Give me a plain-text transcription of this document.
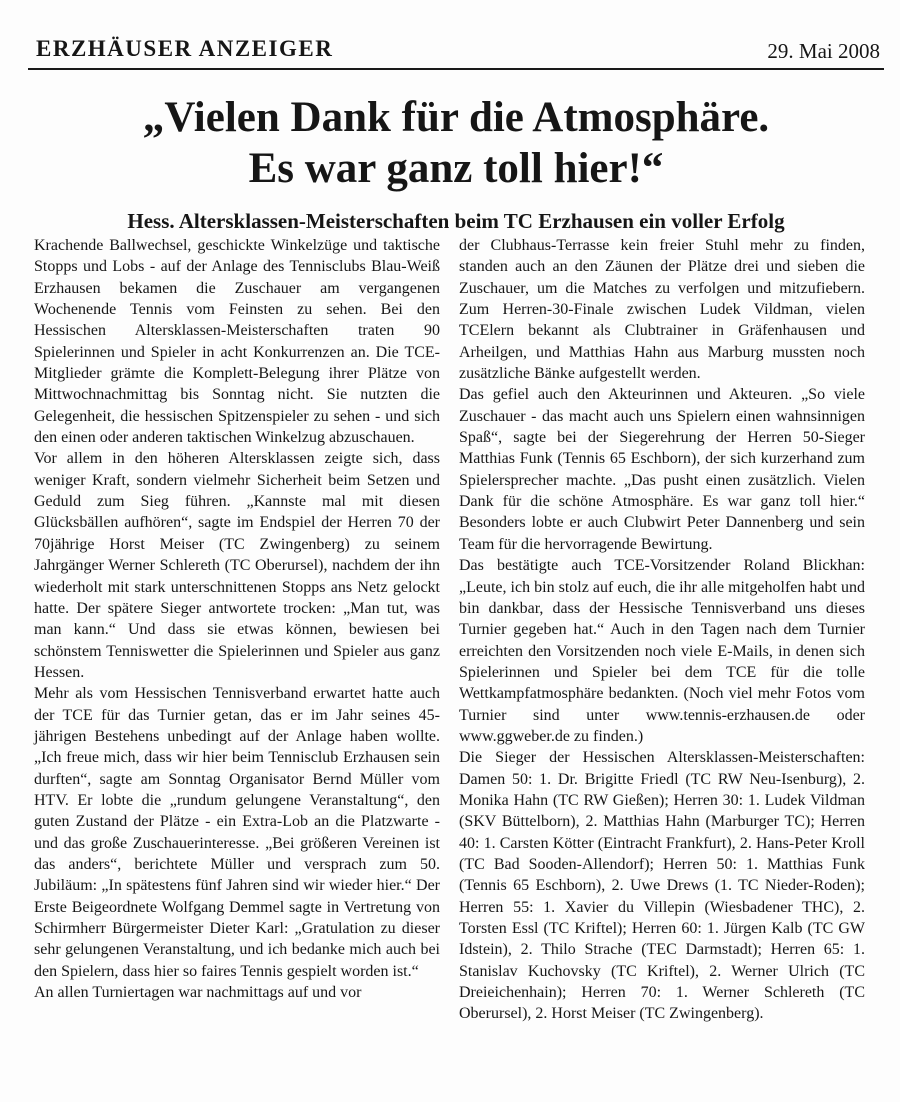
ERZHÄUSER ANZEIGER	29. Mai 2008
„Vielen Dank für die Atmosphäre.
Es war ganz toll hier!“
Hess. Altersklassen-Meisterschaften beim TC Erzhausen ein voller Erfolg

Krachende Ballwechsel, geschickte Winkelzüge und taktische Stopps und Lobs - auf der Anlage des Tennisclubs Blau-Weiß Erzhausen bekamen die Zuschauer am vergangenen Wochenende Tennis vom Feinsten zu sehen. Bei den Hessischen Altersklassen-Meisterschaften traten 90 Spielerinnen und Spieler in acht Konkurrenzen an. Die TCE-Mitglieder grämte die Komplett-Belegung ihrer Plätze von Mittwochnachmittag bis Sonntag nicht. Sie nutzten die Gelegenheit, die hessischen Spitzenspieler zu sehen - und sich den einen oder anderen taktischen Winkelzug abzuschauen.

Vor allem in den höheren Altersklassen zeigte sich, dass weniger Kraft, sondern vielmehr Sicherheit beim Setzen und Geduld zum Sieg führen. „Kannste mal mit diesen Glücksbällen aufhören“, sagte im Endspiel der Herren 70 der 70jährige Horst Meiser (TC Zwingenberg) zu seinem Jahrgänger Werner Schlereth (TC Oberursel), nachdem der ihn wiederholt mit stark unterschnittenen Stopps ans Netz gelockt hatte. Der spätere Sieger antwortete trocken: „Man tut, was man kann.“ Und dass sie etwas können, bewiesen bei schönstem Tenniswetter die Spielerinnen und Spieler aus ganz Hessen.

Mehr als vom Hessischen Tennisverband erwartet hatte auch der TCE für das Turnier getan, das er im Jahr seines 45-jährigen Bestehens unbedingt auf der Anlage haben wollte. „Ich freue mich, dass wir hier beim Tennisclub Erzhausen sein durften“, sagte am Sonntag Organisator Bernd Müller vom HTV. Er lobte die „rundum gelungene Veranstaltung“, den guten Zustand der Plätze - ein Extra-Lob an die Platzwarte - und das große Zuschauerinteresse. „Bei größeren Vereinen ist das anders“, berichtete Müller und versprach zum 50. Jubiläum: „In spätestens fünf Jahren sind wir wieder hier.“ Der Erste Beigeordnete Wolfgang Demmel sagte in Vertretung von Schirmherr Bürgermeister Dieter Karl: „Gratulation zu dieser sehr gelungenen Veranstaltung, und ich bedanke mich auch bei den Spielern, dass hier so faires Tennis gespielt worden ist.“

An allen Turniertagen war nachmittags auf und vor

der Clubhaus-Terrasse kein freier Stuhl mehr zu finden, standen auch an den Zäunen der Plätze drei und sieben die Zuschauer, um die Matches zu verfolgen und mitzufiebern. Zum Herren-30-Finale zwischen Ludek Vildman, vielen TCElern bekannt als Clubtrainer in Gräfenhausen und Arheilgen, und Matthias Hahn aus Marburg mussten noch zusätzliche Bänke aufgestellt werden.

Das gefiel auch den Akteurinnen und Akteuren. „So viele Zuschauer - das macht auch uns Spielern einen wahnsinnigen Spaß“, sagte bei der Siegerehrung der Herren 50-Sieger Matthias Funk (Tennis 65 Eschborn), der sich kurzerhand zum Spielersprecher machte. „Das pusht einen zusätzlich. Vielen Dank für die schöne Atmosphäre. Es war ganz toll hier.“ Besonders lobte er auch Clubwirt Peter Dannenberg und sein Team für die hervorragende Bewirtung.

Das bestätigte auch TCE-Vorsitzender Roland Blickhan: „Leute, ich bin stolz auf euch, die ihr alle mitgeholfen habt und bin dankbar, dass der Hessische Tennisverband uns dieses Turnier gegeben hat.“ Auch in den Tagen nach dem Turnier erreichten den Vorsitzenden noch viele E-Mails, in denen sich Spielerinnen und Spieler bei dem TCE für die tolle Wettkampfatmosphäre bedankten. (Noch viel mehr Fotos vom Turnier sind unter www.tennis-erzhausen.de oder www.ggweber.de zu finden.)

Die Sieger der Hessischen Altersklassen-Meisterschaften: Damen 50: 1. Dr. Brigitte Friedl (TC RW Neu-Isenburg), 2. Monika Hahn (TC RW Gießen); Herren 30: 1. Ludek Vildman (SKV Büttelborn), 2. Matthias Hahn (Marburger TC); Herren 40: 1. Carsten Kötter (Eintracht Frankfurt), 2. Hans-Peter Kroll (TC Bad Sooden-Allendorf); Herren 50: 1. Matthias Funk (Tennis 65 Eschborn), 2. Uwe Drews (1. TC Nieder-Roden); Herren 55: 1. Xavier du Villepin (Wiesbadener THC), 2. Torsten Essl (TC Kriftel); Herren 60: 1. Jürgen Kalb (TC GW Idstein), 2. Thilo Strache (TEC Darmstadt); Herren 65: 1. Stanislav Kuchovsky (TC Kriftel), 2. Werner Ulrich (TC Dreieichenhain); Herren 70: 1. Werner Schlereth (TC Oberursel), 2. Horst Meiser (TC Zwingenberg).
